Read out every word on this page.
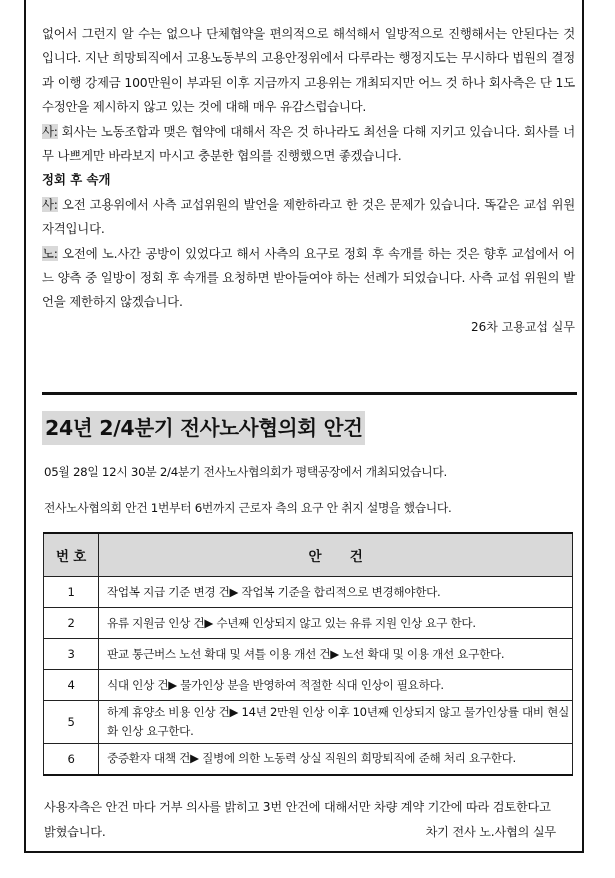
없어서 그런지 알 수는 없으나 단체협약을 편의적으로 해석해서 일방적으로 진행해서는 안된다는 것입니다. 지난 희망퇴직에서 고용노동부의 고용안정위에서 다루라는 행정지도는 무시하다 법원의 결정과 이행 강제금 100만원이 부과된 이후 지금까지 고용위는 개최되지만 어느 것 하나 회사측은 단 1도 수정안을 제시하지 않고 있는 것에 대해 매우 유감스럽습니다.

사: 회사는 노동조합과 맺은 협약에 대해서 작은 것 하나라도 최선을 다해 지키고 있습니다. 회사를 너무 나쁘게만 바라보지 마시고 충분한 협의를 진행했으면 좋겠습니다.

정회 후 속개

사: 오전 고용위에서 사측 교섭위원의 발언을 제한하라고 한 것은 문제가 있습니다. 똑같은 교섭 위원 자격입니다.

노: 오전에 노.사간 공방이 있었다고 해서 사측의 요구로 정회 후 속개를 하는 것은 향후 교섭에서 어느 양측 중 일방이 정회 후 속개를 요청하면 받아들여야 하는 선례가 되었습니다. 사측 교섭 위원의 발언을 제한하지 않겠습니다.

26차 고용교섭 실무

24년 2/4분기 전사노사협의회 안건
05월 28일 12시 30분 2/4분기 전사노사협의회가 평택공장에서 개최되었습니다.
전사노사협의회 안건 1번부터 6번까지 근로자 측의 요구 안 취지 설명을 했습니다.
번 호	안 건
1	작업복 지급 기준 변경 건▶ 작업복 기준을 합리적으로 변경해야한다.
2	유류 지원금 인상 건▶ 수년째 인상되지 않고 있는 유류 지원 인상 요구 한다.
3	판교 통근버스 노선 확대 및 셔틀 이용 개선 건▶ 노선 확대 및 이용 개선 요구한다.
4	식대 인상 건▶ 물가인상 분을 반영하여 적절한 식대 인상이 필요하다.
5	하계 휴양소 비용 인상 건▶ 14년 2만원 인상 이후 10년째 인상되지 않고 물가인상률 대비 현실화 인상 요구한다.
6	중증환자 대책 건▶ 질병에 의한 노동력 상실 직원의 희망퇴직에 준해 처리 요구한다.
사용자측은 안건 마다 거부 의사를 밝히고 3번 안건에 대해서만 차량 계약 기간에 따라 검토한다고 밝혔습니다.	차기 전사 노.사협의 실무
